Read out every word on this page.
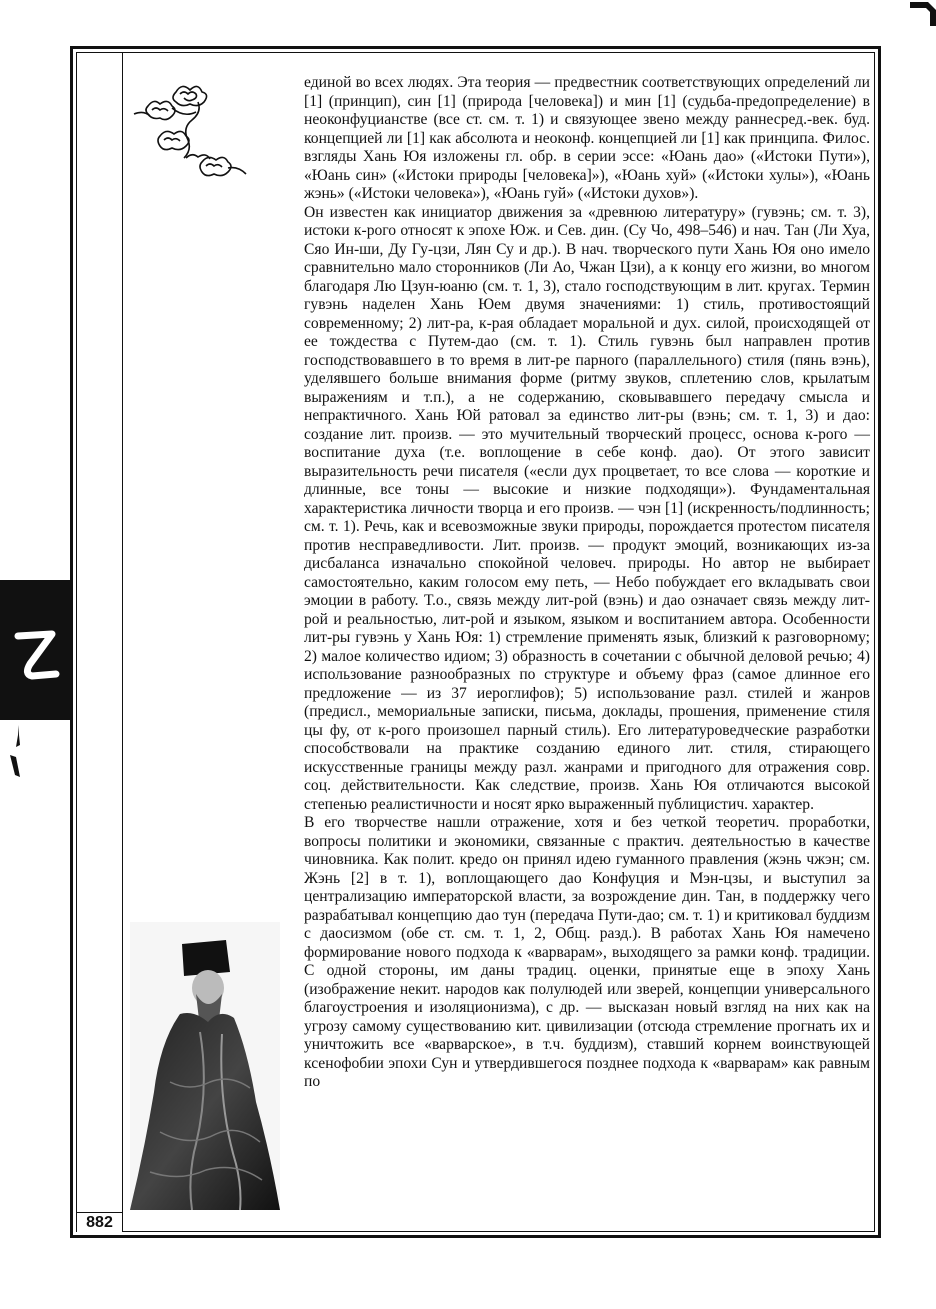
882

единой во всех людях. Эта теория — предвестник соответствующих определений ли [1] (принцип), син [1] (природа [человека]) и мин [1] (судьба-предопределение) в неоконфуцианстве (все ст. см. т. 1) и связующее звено между раннесред.-век. буд. концепцией ли [1] как абсолюта и неоконф. концепцией ли [1] как принципа. Филос. взгляды Хань Юя изложены гл. обр. в серии эссе: «Юань дао» («Истоки Пути»), «Юань син» («Истоки природы [человека]»), «Юань хуй» («Истоки хулы»), «Юань жэнь» («Истоки человека»), «Юань гуй» («Истоки духов»).

Он известен как инициатор движения за «древнюю литературу» (гувэнь; см. т. 3), истоки к-рого относят к эпохе Юж. и Сев. дин. (Су Чо, 498–546) и нач. Тан (Ли Хуа, Сяо Ин-ши, Ду Гу-цзи, Лян Су и др.). В нач. творческого пути Хань Юя оно имело сравнительно мало сторонников (Ли Ао, Чжан Цзи), а к концу его жизни, во многом благодаря Лю Цзун-юаню (см. т. 1, 3), стало господствующим в лит. кругах. Термин гувэнь наделен Хань Юем двумя значениями: 1) стиль, противостоящий современному; 2) лит-ра, к-рая обладает моральной и дух. силой, происходящей от ее тождества с Путем-дао (см. т. 1). Стиль гувэнь был направлен против господствовавшего в то время в лит-ре парного (параллельного) стиля (пянь вэнь), уделявшего больше внимания форме (ритму звуков, сплетению слов, крылатым выражениям и т.п.), а не содержанию, сковывавшего передачу смысла и непрактичного. Хань Юй ратовал за единство лит-ры (вэнь; см. т. 1, 3) и дао: создание лит. произв. — это мучительный творческий процесс, основа к-рого — воспитание духа (т.е. воплощение в себе конф. дао). От этого зависит выразительность речи писателя («если дух процветает, то все слова — короткие и длинные, все тоны — высокие и низкие подходящи»). Фундаментальная характеристика личности творца и его произв. — чэн [1] (искренность/подлинность; см. т. 1). Речь, как и всевозможные звуки природы, порождается протестом писателя против несправедливости. Лит. произв. — продукт эмоций, возникающих из-за дисбаланса изначально спокойной человеч. природы. Но автор не выбирает самостоятельно, каким голосом ему петь, — Небо побуждает его вкладывать свои эмоции в работу. Т.о., связь между лит-рой (вэнь) и дао означает связь между лит-рой и реальностью, лит-рой и языком, языком и воспитанием автора. Особенности лит-ры гувэнь у Хань Юя: 1) стремление применять язык, близкий к разговорному; 2) малое количество идиом; 3) образность в сочетании с обычной деловой речью; 4) использование разнообразных по структуре и объему фраз (самое длинное его предложение — из 37 иероглифов); 5) использование разл. стилей и жанров (предисл., мемориальные записки, письма, доклады, прошения, применение стиля цы фу, от к-рого произошел парный стиль). Его литературоведческие разработки способствовали на практике созданию единого лит. стиля, стирающего искусственные границы между разл. жанрами и пригодного для отражения совр. соц. действительности. Как следствие, произв. Хань Юя отличаются высокой степенью реалистичности и носят ярко выраженный публицистич. характер.

В его творчестве нашли отражение, хотя и без четкой теоретич. проработки, вопросы политики и экономики, связанные с практич. деятельностью в качестве чиновника. Как полит. кредо он принял идею гуманного правления (жэнь чжэн; см. Жэнь [2] в т. 1), воплощающего дао Конфуция и Мэн-цзы, и выступил за централизацию императорской власти, за возрождение дин. Тан, в поддержку чего разрабатывал концепцию дао тун (передача Пути-дао; см. т. 1) и критиковал буддизм с даосизмом (обе ст. см. т. 1, 2, Общ. разд.). В работах Хань Юя намечено формирование нового подхода к «варварам», выходящего за рамки конф. традиции. С одной стороны, им даны традиц. оценки, принятые еще в эпоху Хань (изображение некит. народов как полулюдей или зверей, концепции универсального благоустроения и изоляционизма), с др. — высказан новый взгляд на них как на угрозу самому существованию кит. цивилизации (отсюда стремление прогнать их и уничтожить все «варварское», в т.ч. буддизм), ставший корнем воинствующей ксенофобии эпохи Сун и утвердившегося позднее подхода к «варварам» как равным по
